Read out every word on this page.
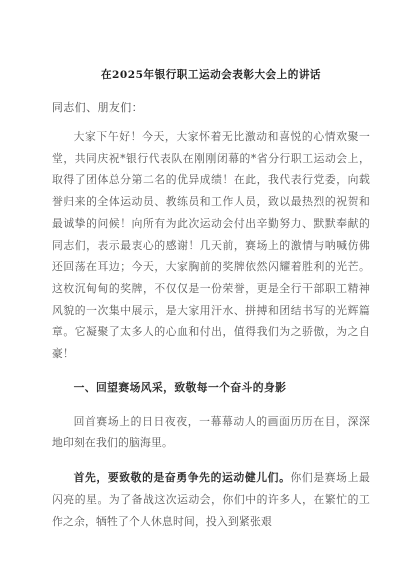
在2025年银行职工运动会表彰大会上的讲话
同志们、朋友们：

大家下午好！今天，大家怀着无比激动和喜悦的心情欢聚一堂，共同庆祝*银行代表队在刚刚闭幕的*省分行职工运动会上，取得了团体总分第二名的优异成绩！在此，我代表行党委，向载誉归来的全体运动员、教练员和工作人员，致以最热烈的祝贺和最诚挚的问候！向所有为此次运动会付出辛勤努力、默默奉献的同志们，表示最衷心的感谢！几天前，赛场上的激情与呐喊仿佛还回荡在耳边；今天，大家胸前的奖牌依然闪耀着胜利的光芒。这枚沉甸甸的奖牌，不仅仅是一份荣誉，更是全行干部职工精神风貌的一次集中展示，是大家用汗水、拼搏和团结书写的光辉篇章。它凝聚了太多人的心血和付出，值得我们为之骄傲，为之自豪！

一、回望赛场风采，致敬每一个奋斗的身影

回首赛场上的日日夜夜，一幕幕动人的画面历历在目，深深地印刻在我们的脑海里。

首先，要致敬的是奋勇争先的运动健儿们。你们是赛场上最闪亮的星。为了备战这次运动会，你们中的许多人，在繁忙的工作之余，牺牲了个人休息时间，投入到紧张艰
